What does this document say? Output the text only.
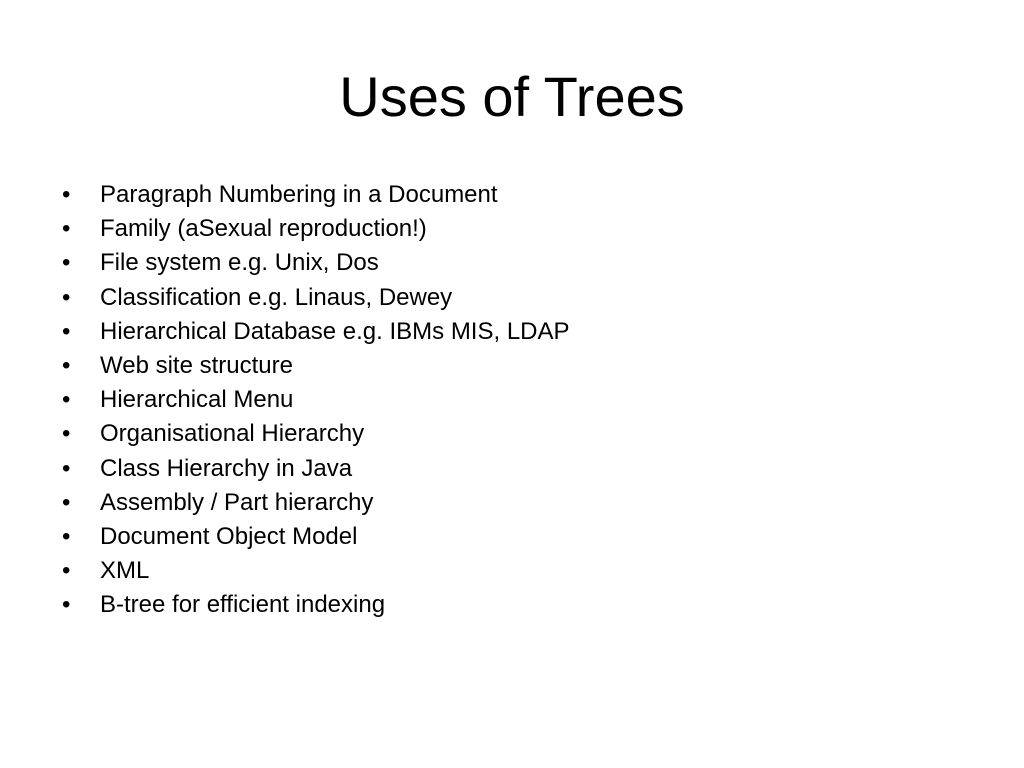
Uses of Trees
•	Paragraph Numbering in a Document
•	Family (aSexual reproduction!)
•	File system e.g. Unix, Dos
•	Classification e.g. Linaus, Dewey
•	Hierarchical Database e.g. IBMs MIS, LDAP
•	Web site structure
•	Hierarchical Menu
•	Organisational Hierarchy
•	Class Hierarchy in Java
•	Assembly / Part hierarchy
•	Document Object Model
•	XML
•	B-tree for efficient indexing
